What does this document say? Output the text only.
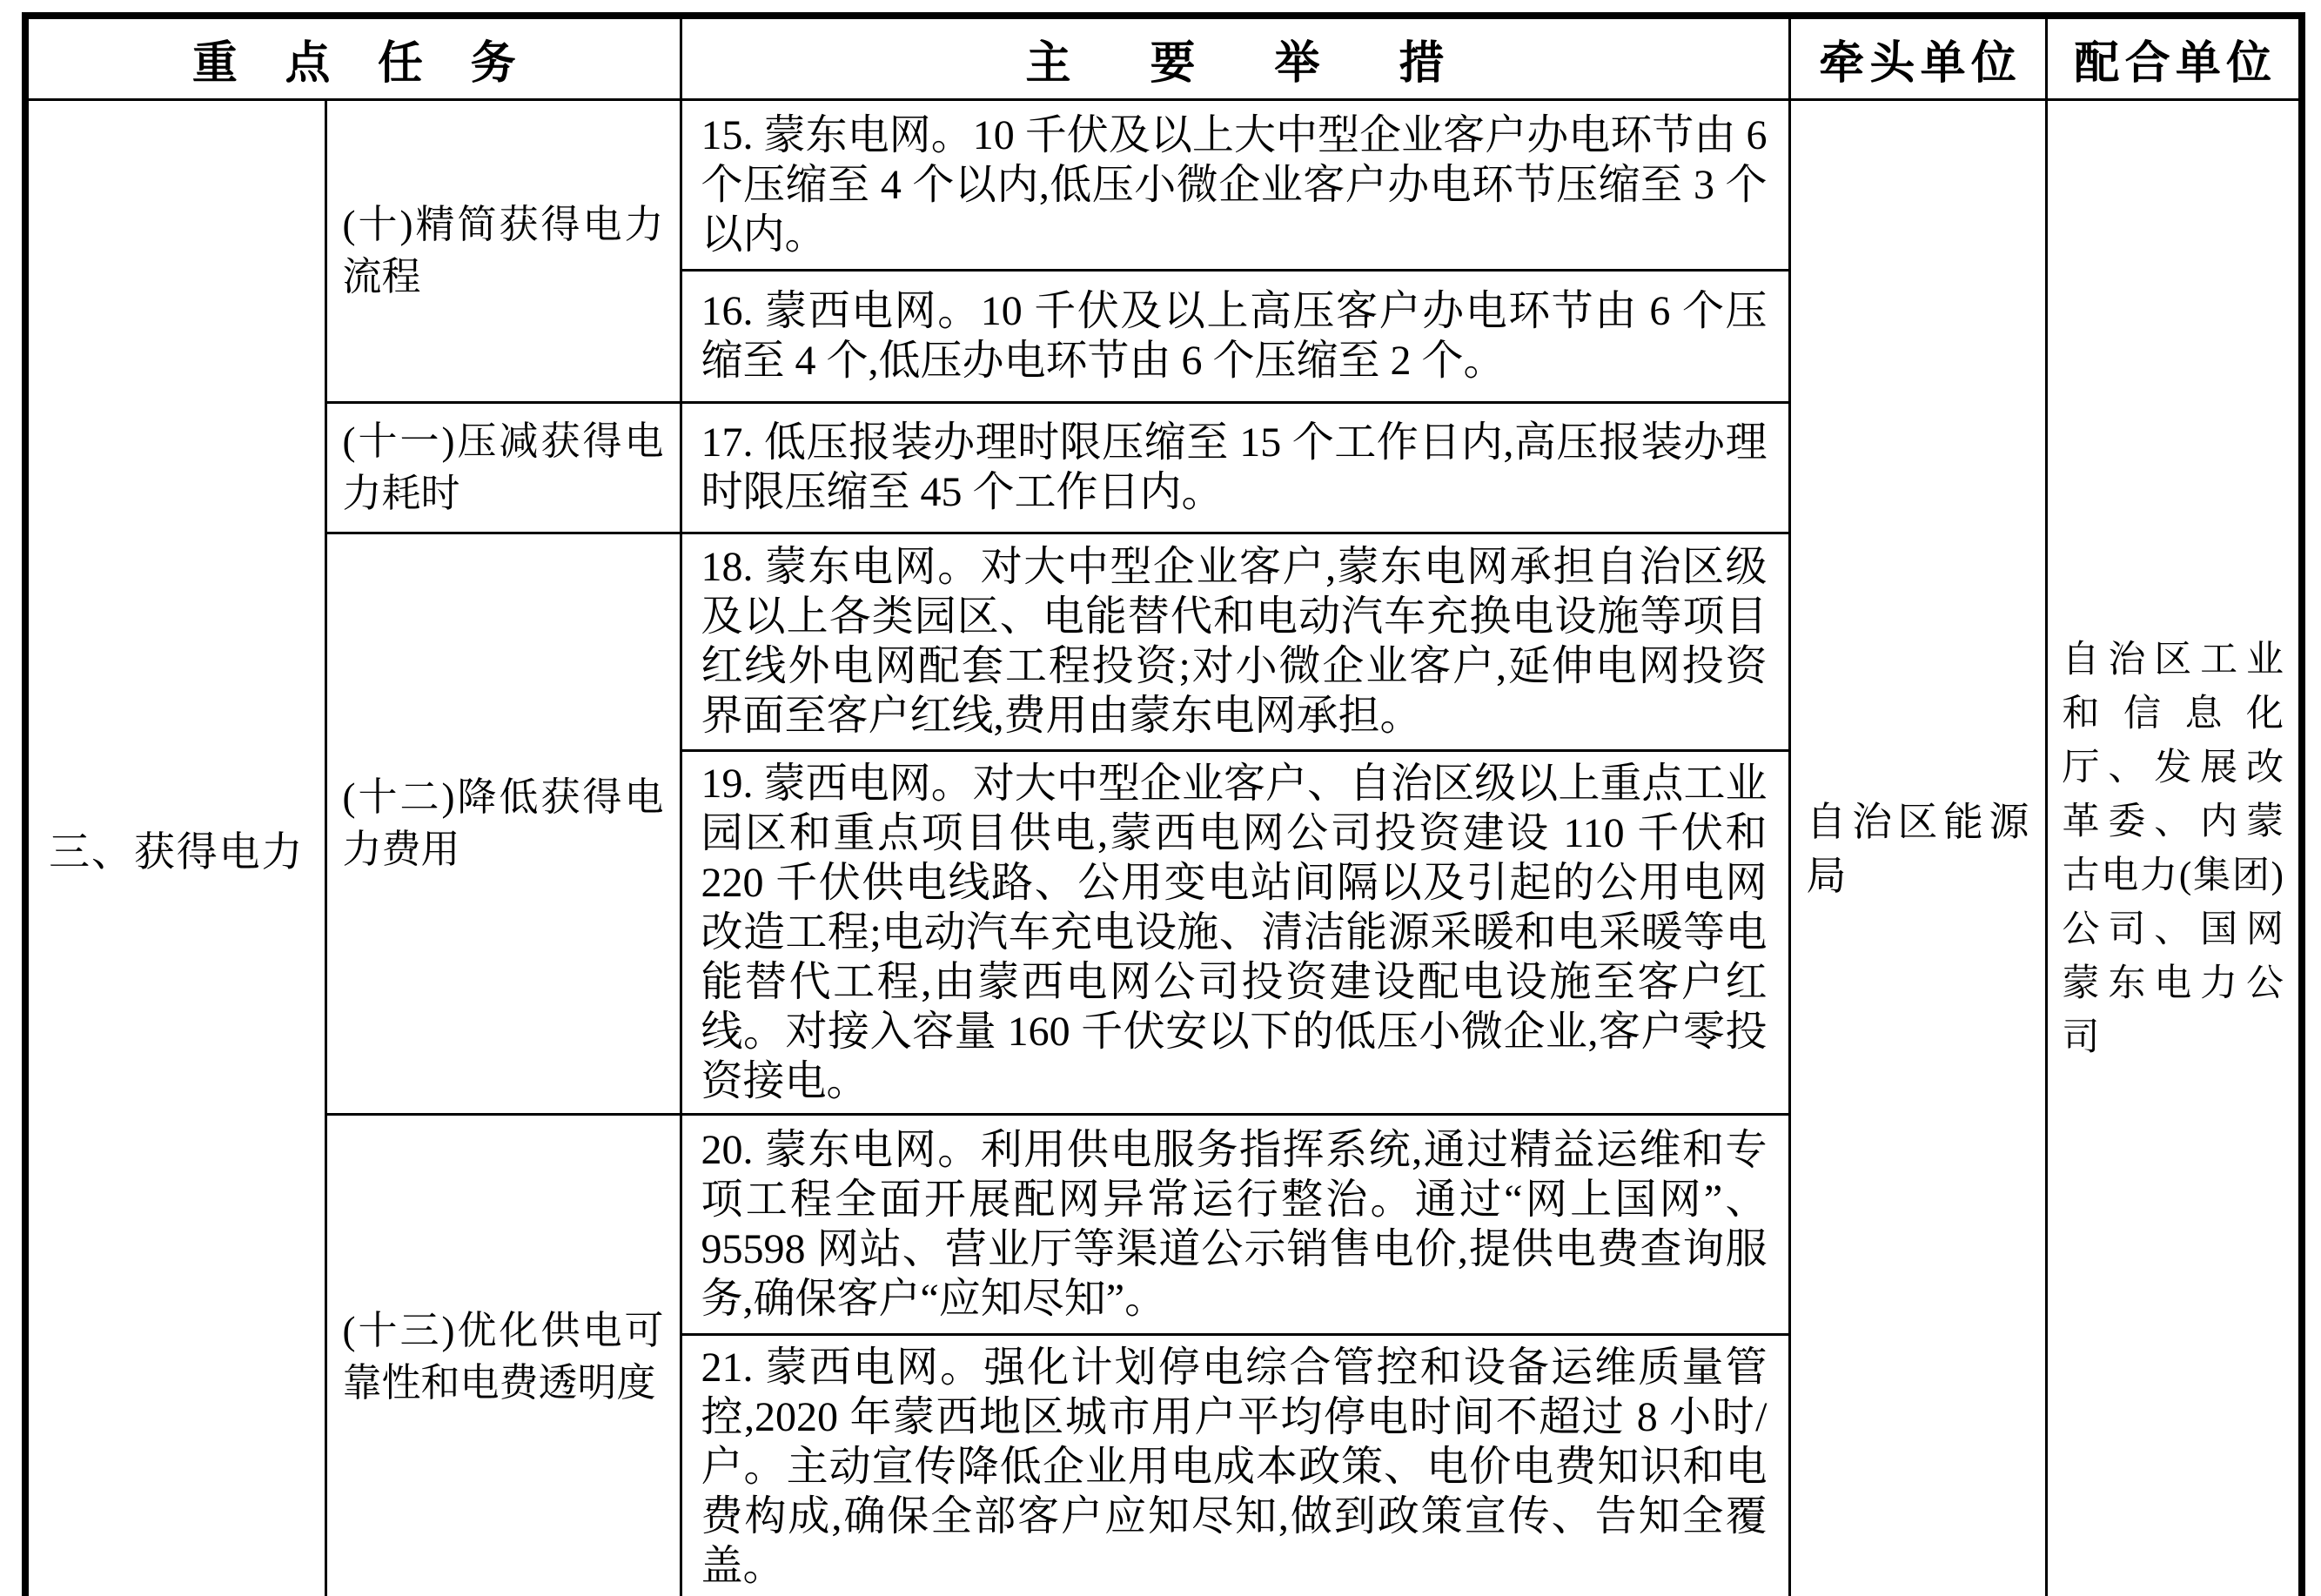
重点任务		主要举措	牵头单位	配合单位
三、获得电力	(十)精简获得电力流程	15. 蒙东电网。10 千伏及以上大中型企业客户办电环节由 6 个压缩至 4 个以内,低压小微企业客户办电环节压缩至 3 个以内。	自治区能源局	自治区工业和信息化厅、发展改革委、内蒙古电力(集团)公司、国网蒙东电力公司
		16. 蒙西电网。10 千伏及以上高压客户办电环节由 6 个压缩至 4 个,低压办电环节由 6 个压缩至 2 个。		
	(十一)压减获得电力耗时	17. 低压报装办理时限压缩至 15 个工作日内,高压报装办理时限压缩至 45 个工作日内。		
	(十二)降低获得电力费用	18. 蒙东电网。对大中型企业客户,蒙东电网承担自治区级及以上各类园区、电能替代和电动汽车充换电设施等项目红线外电网配套工程投资;对小微企业客户,延伸电网投资界面至客户红线,费用由蒙东电网承担。		
		19. 蒙西电网。对大中型企业客户、自治区级以上重点工业园区和重点项目供电,蒙西电网公司投资建设 110 千伏和 220 千伏供电线路、公用变电站间隔以及引起的公用电网改造工程;电动汽车充电设施、清洁能源采暖和电采暖等电能替代工程,由蒙西电网公司投资建设配电设施至客户红线。对接入容量 160 千伏安以下的低压小微企业,客户零投资接电。		
	(十三)优化供电可靠性和电费透明度	20. 蒙东电网。利用供电服务指挥系统,通过精益运维和专项工程全面开展配网异常运行整治。通过“网上国网”、95598 网站、营业厅等渠道公示销售电价,提供电费查询服务,确保客户“应知尽知”。		
		21. 蒙西电网。强化计划停电综合管控和设备运维质量管控,2020 年蒙西地区城市用户平均停电时间不超过 8 小时/户。主动宣传降低企业用电成本政策、电价电费知识和电费构成,确保全部客户应知尽知,做到政策宣传、告知全覆盖。		
